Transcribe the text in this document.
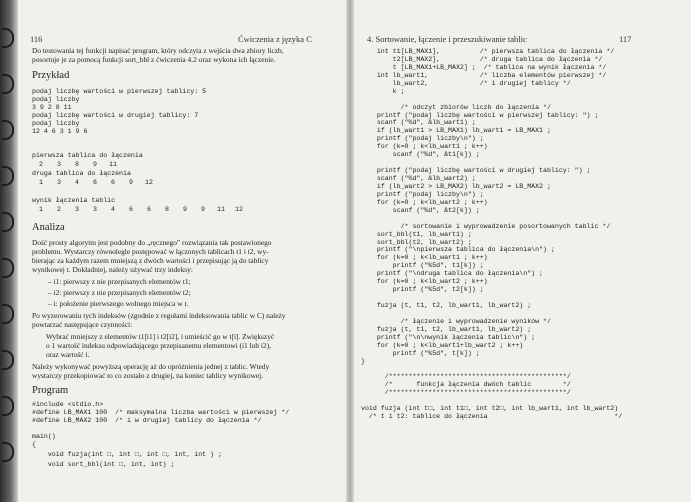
116	Ćwiczenia z języka C
Do testowania tej funkcji napisać program, który odczyta z wejścia dwa zbiory liczb,
posortuje je za pomocą funkcji sort_bbl z ćwiczenia 4.2 oraz wykona ich łączenie.
Przykład
podaj liczbę wartości w pierwszej tablicy: 5
podaj liczby
3 9 2 8 11
podaj liczbę wartości w drugiej tablicy: 7
podaj liczby
12 4 6 3 1 9 6
pierwsza tablica do łączenia
2 3 8 9 11
druga tablica do łączenia
1 3 4 6 6 9 12
wynik łączenia tablic
1 2 3 3 4 6 6 8 9 9 11 12
Analiza
Dość prosty algorytm jest podobny do „ręcznego” rozwiązania tak postawionego
problemu. Wystarczy równolegle postępować w łączonych tablicach t1 i t2, wy-
bierając za każdym razem mniejszą z dwóch wartości i przepisując ją do tablicy
wynikowej t. Dokładniej, należy używać trzy indeksy:
– i1: pierwszy z nie przepisanych elementów t1;
– i2: pierwszy z nie przepisanych elementów t2;
– i: położenie pierwszego wolnego miejsca w t.
Po wyzerowaniu tych indeksów (zgodnie z regułami indeksowania tablic w C) należy
powtarzać następujące czynności:
Wybrać mniejszy z elementów t1[i1] i t2[i2], i umieścić go w t[i]. Zwiększyć
o 1 wartość indeksu odpowiadającego przepisanemu elementowi (i1 lub i2),
oraz wartość i.
Należy wykonywać powyższą operację aż do opróżnienia jednej z tablic. Wtedy
wystarczy przekopiować to co zostało z drugiej, na koniec tablicy wynikowej.
Program
#include <stdio.h>
#define LB_MAX1 100  /* maksymalna liczba wartości w pierwszej */
#define LB_MAX2 100  /* i w drugiej tablicy do łączenia */
main()
{
void fuzja(int □, int □, int □, int, int ) ;
void sort_bbl(int □, int, int) ;
4. Sortowanie, łączenie i przeszukiwanie tablic	117
int t1[LB_MAX1],          /* pierwsza tablica do łączenia */
t2[LB_MAX2],          /* druga tablica do łączenia */
t [LB_MAX1+LB_MAX2] ;  /* tablica na wynik łączenia */
int lb_wart1,             /* liczba elementów pierwszej */
lb_wart2,             /* i drugiej tablicy */
k ;
/* odczyt zbiorów liczb do łączenia */
printf ("podaj liczbę wartości w pierwszej tablicy: ") ;
scanf ("%d", &lb_wart1) ;
if (lb_wart1 > LB_MAX1) lb_wart1 = LB_MAX1 ;
printf ("podaj liczby\n") ;
for (k=0 ; k<lb_wart1 ; k++)
scanf ("%d", &t1[k]) ;
printf ("podaj liczbę wartości w drugiej tablicy: ") ;
scanf ("%d", &lb_wart2) ;
if (lb_wart2 > LB_MAX2) lb_wart2 = LB_MAX2 ;
printf ("podaj liczby\n") ;
for (k=0 ; k<lb_wart2 ; k++)
scanf ("%d", &t2[k]) ;
/* sortowanie i wyprowadzenie posortowanych tablic */
sort_bbl(t1, lb_wart1) ;
sort_bbl(t2, lb_wart2) ;
printf ("\npierwsza tablica do łączenia\n") ;
for (k=0 ; k<lb_wart1 ; k++)
printf ("%5d", t1[k]) ;
printf ("\ndruga tablica do łączenia\n") ;
for (k=0 ; k<lb_wart2 ; k++)
printf ("%5d", t2[k]) ;
fuzja (t, t1, t2, lb_wart1, lb_wart2) ;
/* łączenie i wyprowadzenie wyników */
fuzja (t, t1, t2, lb_wart1, lb_wart2) ;
printf ("\n\nwynik łączenia tablic\n") ;
for (k=0 ; k<lb_wart1+lb_wart2 ; k++)
printf ("%5d", t[k]) ;
}
/*********************************************/
/*      funkcja łączenia dwóch tablic        */
/*********************************************/
void fuzja (int t□, int t1□, int t2□, int lb_wart1, int lb_wart2)
/* t i t2: tablice do łączenia                                */
